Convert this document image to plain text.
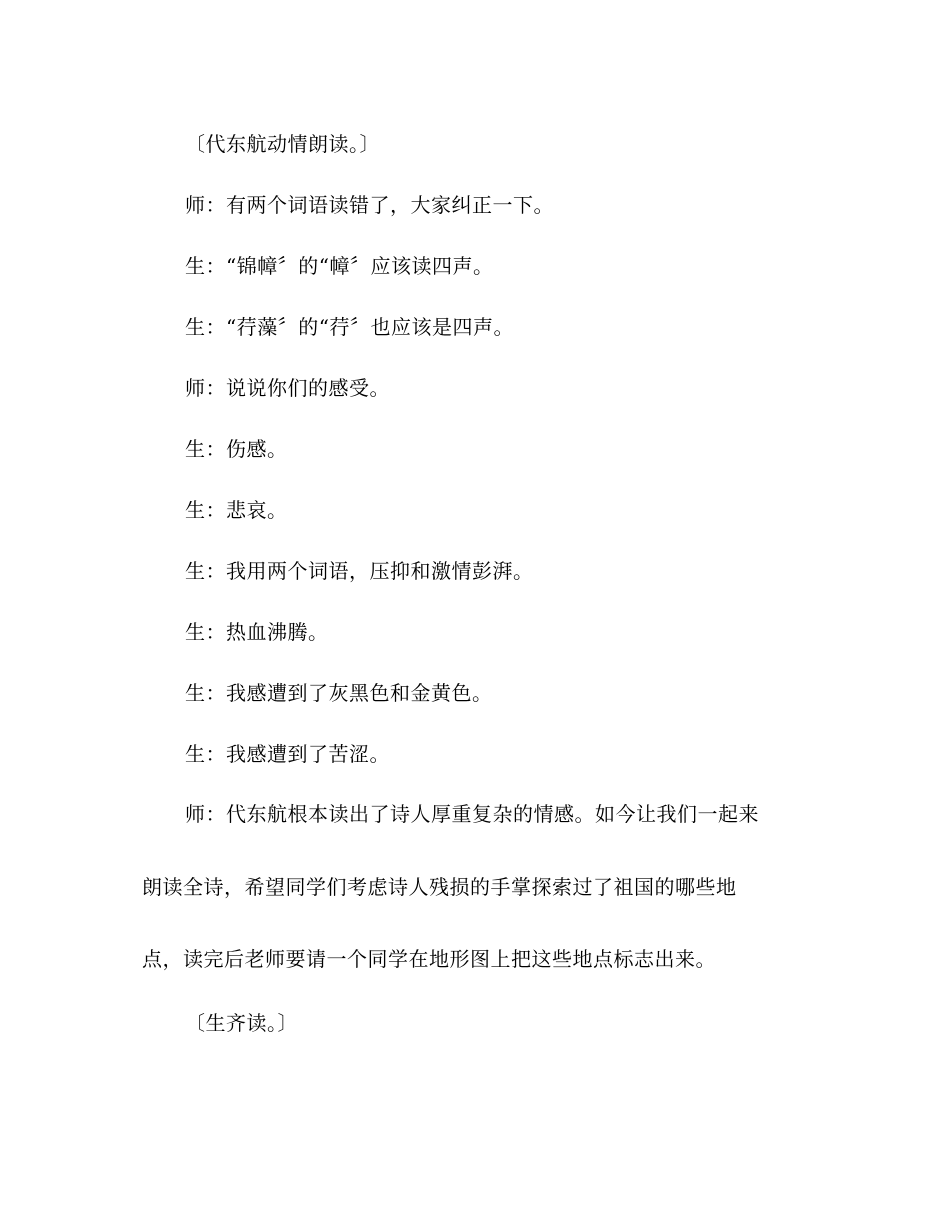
〔代东航动情朗读。〕
师：有两个词语读错了，大家纠正一下。
生：“锦幛〞的“幛〞应该读四声。
生：“荇藻〞的“荇〞也应该是四声。
师：说说你们的感受。
生：伤感。
生：悲哀。
生：我用两个词语，压抑和激情彭湃。
生：热血沸腾。
生：我感遭到了灰黑色和金黄色。
生：我感遭到了苦涩。
师：代东航根本读出了诗人厚重复杂的情感。如今让我们一起来
朗读全诗，希望同学们考虑诗人残损的手掌探索过了祖国的哪些地
点，读完后老师要请一个同学在地形图上把这些地点标志出来。
〔生齐读。〕
